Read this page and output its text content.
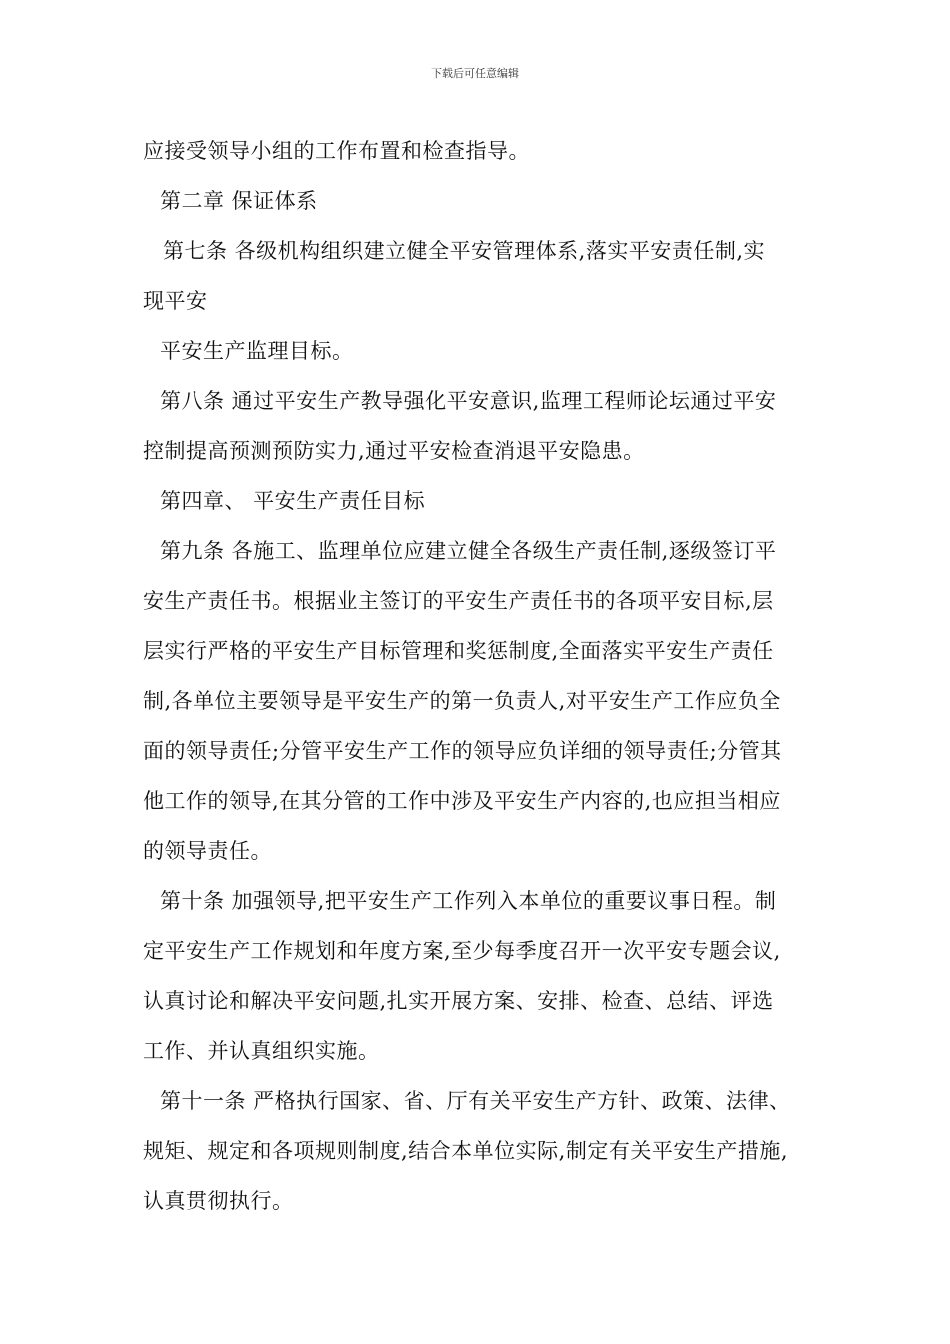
下载后可任意编辑
应接受领导小组的工作布置和检查指导。
第二章 保证体系
第七条 各级机构组织建立健全平安管理体系,落实平安责任制,实
现平安
平安生产监理目标。
第八条 通过平安生产教导强化平安意识,监理工程师论坛通过平安
控制提高预测预防实力,通过平安检查消退平安隐患。
第四章、 平安生产责任目标
第九条 各施工、监理单位应建立健全各级生产责任制,逐级签订平
安生产责任书。根据业主签订的平安生产责任书的各项平安目标,层
层实行严格的平安生产目标管理和奖惩制度,全面落实平安生产责任
制,各单位主要领导是平安生产的第一负责人,对平安生产工作应负全
面的领导责任;分管平安生产工作的领导应负详细的领导责任;分管其
他工作的领导,在其分管的工作中涉及平安生产内容的,也应担当相应
的领导责任。
第十条 加强领导,把平安生产工作列入本单位的重要议事日程。制
定平安生产工作规划和年度方案,至少每季度召开一次平安专题会议,
认真讨论和解决平安问题,扎实开展方案、安排、检查、总结、评选
工作、并认真组织实施。
第十一条 严格执行国家、省、厅有关平安生产方针、政策、法律、
规矩、规定和各项规则制度,结合本单位实际,制定有关平安生产措施,
认真贯彻执行。
